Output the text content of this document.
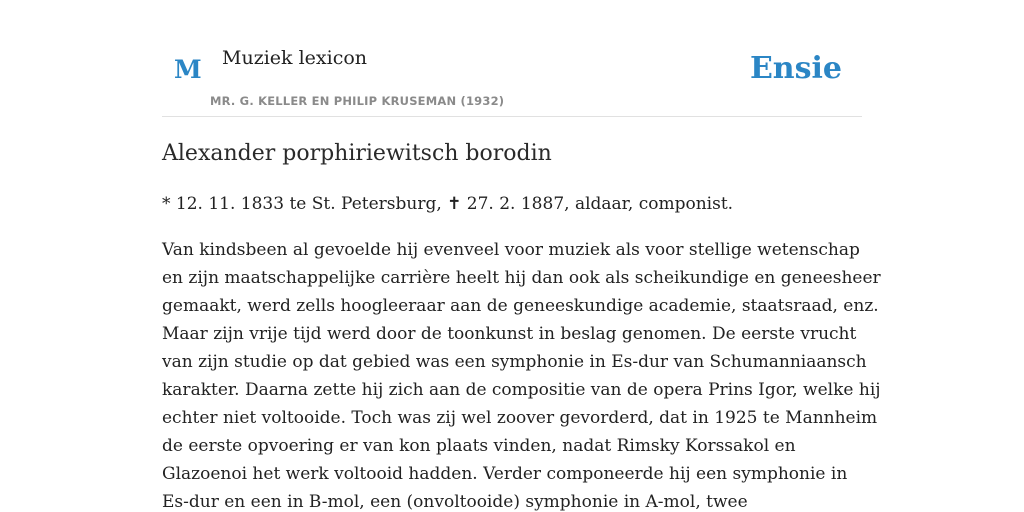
M Muziek lexicon
MR. G. KELLER EN PHILIP KRUSEMAN (1932)
Ensie
Alexander porphiriewitsch borodin

* 12. 11. 1833 te St. Petersburg, ✝ 27. 2. 1887, aldaar, componist.

Van kindsbeen al gevoelde hij evenveel voor muziek als voor stellige wetenschap
en zijn maatschappelijke carrière heelt hij dan ook als scheikundige en geneesheer
gemaakt, werd zells hoogleeraar aan de geneeskundige academie, staatsraad, enz.
Maar zijn vrije tijd werd door de toonkunst in beslag genomen. De eerste vrucht
van zijn studie op dat gebied was een symphonie in Es-dur van Schumanniaansch
karakter. Daarna zette hij zich aan de compositie van de opera Prins Igor, welke hij
echter niet voltooide. Toch was zij wel zoover gevorderd, dat in 1925 te Mannheim
de eerste opvoering er van kon plaats vinden, nadat Rimsky Korssakol en
Glazoenoi het werk voltooid hadden. Verder componeerde hij een symphonie in
Es-dur en een in B-mol, een (onvoltooide) symphonie in A-mol, twee
